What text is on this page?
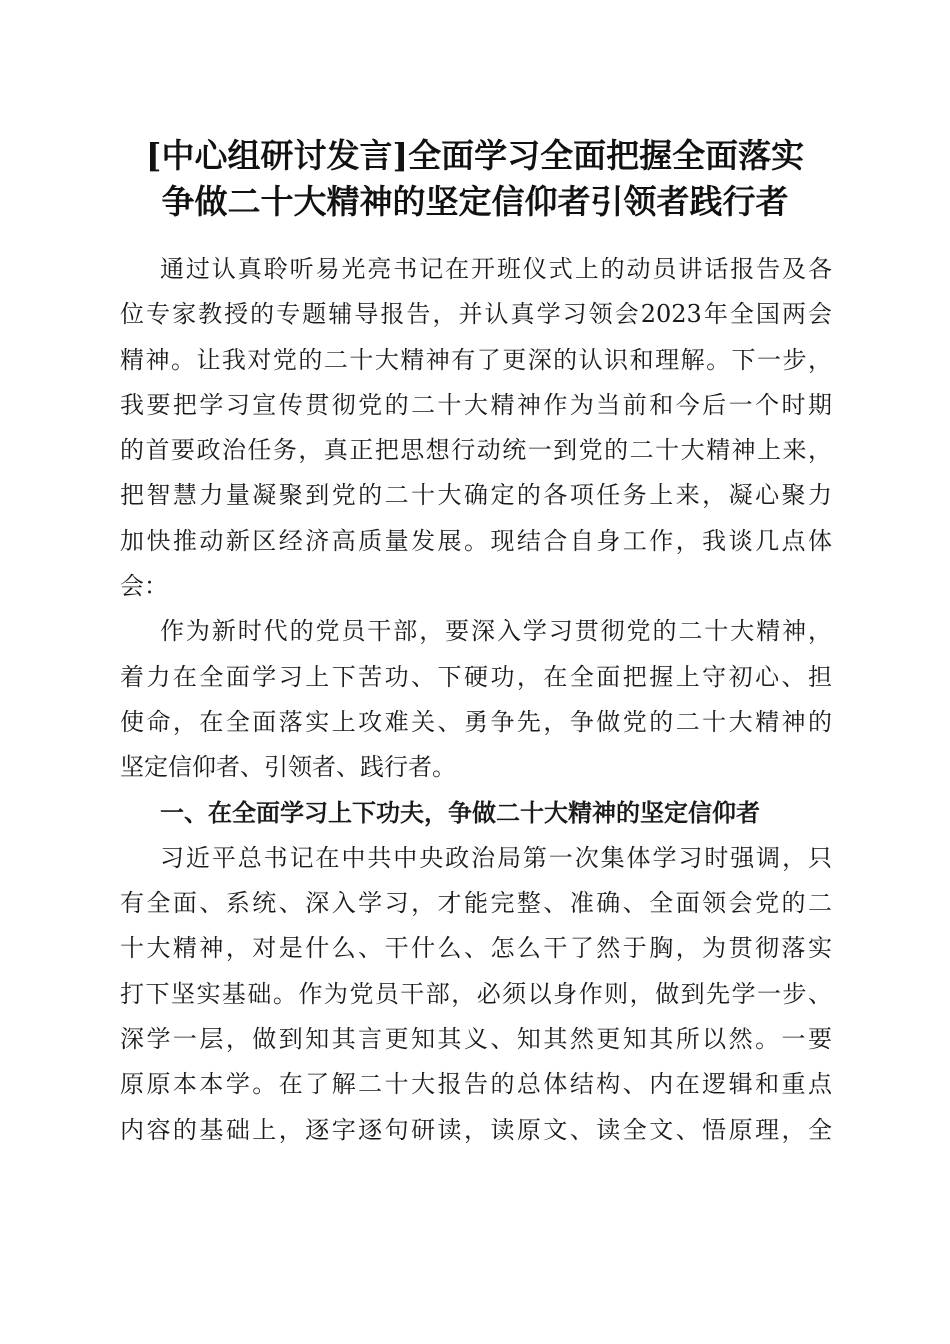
[中心组研讨发言]全面学习全面把握全面落实
争做二十大精神的坚定信仰者引领者践行者
通过认真聆听易光亮书记在开班仪式上的动员讲话报告及各
位专家教授的专题辅导报告，并认真学习领会2023年全国两会
精神。让我对党的二十大精神有了更深的认识和理解。下一步，
我要把学习宣传贯彻党的二十大精神作为当前和今后一个时期
的首要政治任务，真正把思想行动统一到党的二十大精神上来，
把智慧力量凝聚到党的二十大确定的各项任务上来，凝心聚力
加快推动新区经济高质量发展。现结合自身工作，我谈几点体
会：
作为新时代的党员干部，要深入学习贯彻党的二十大精神，
着力在全面学习上下苦功、下硬功，在全面把握上守初心、担
使命，在全面落实上攻难关、勇争先，争做党的二十大精神的
坚定信仰者、引领者、践行者。
一、在全面学习上下功夫，争做二十大精神的坚定信仰者
习近平总书记在中共中央政治局第一次集体学习时强调，只
有全面、系统、深入学习，才能完整、准确、全面领会党的二
十大精神，对是什么、干什么、怎么干了然于胸，为贯彻落实
打下坚实基础。作为党员干部，必须以身作则，做到先学一步、
深学一层，做到知其言更知其义、知其然更知其所以然。一要
原原本本学。在了解二十大报告的总体结构、内在逻辑和重点
内容的基础上，逐字逐句研读，读原文、读全文、悟原理，全
